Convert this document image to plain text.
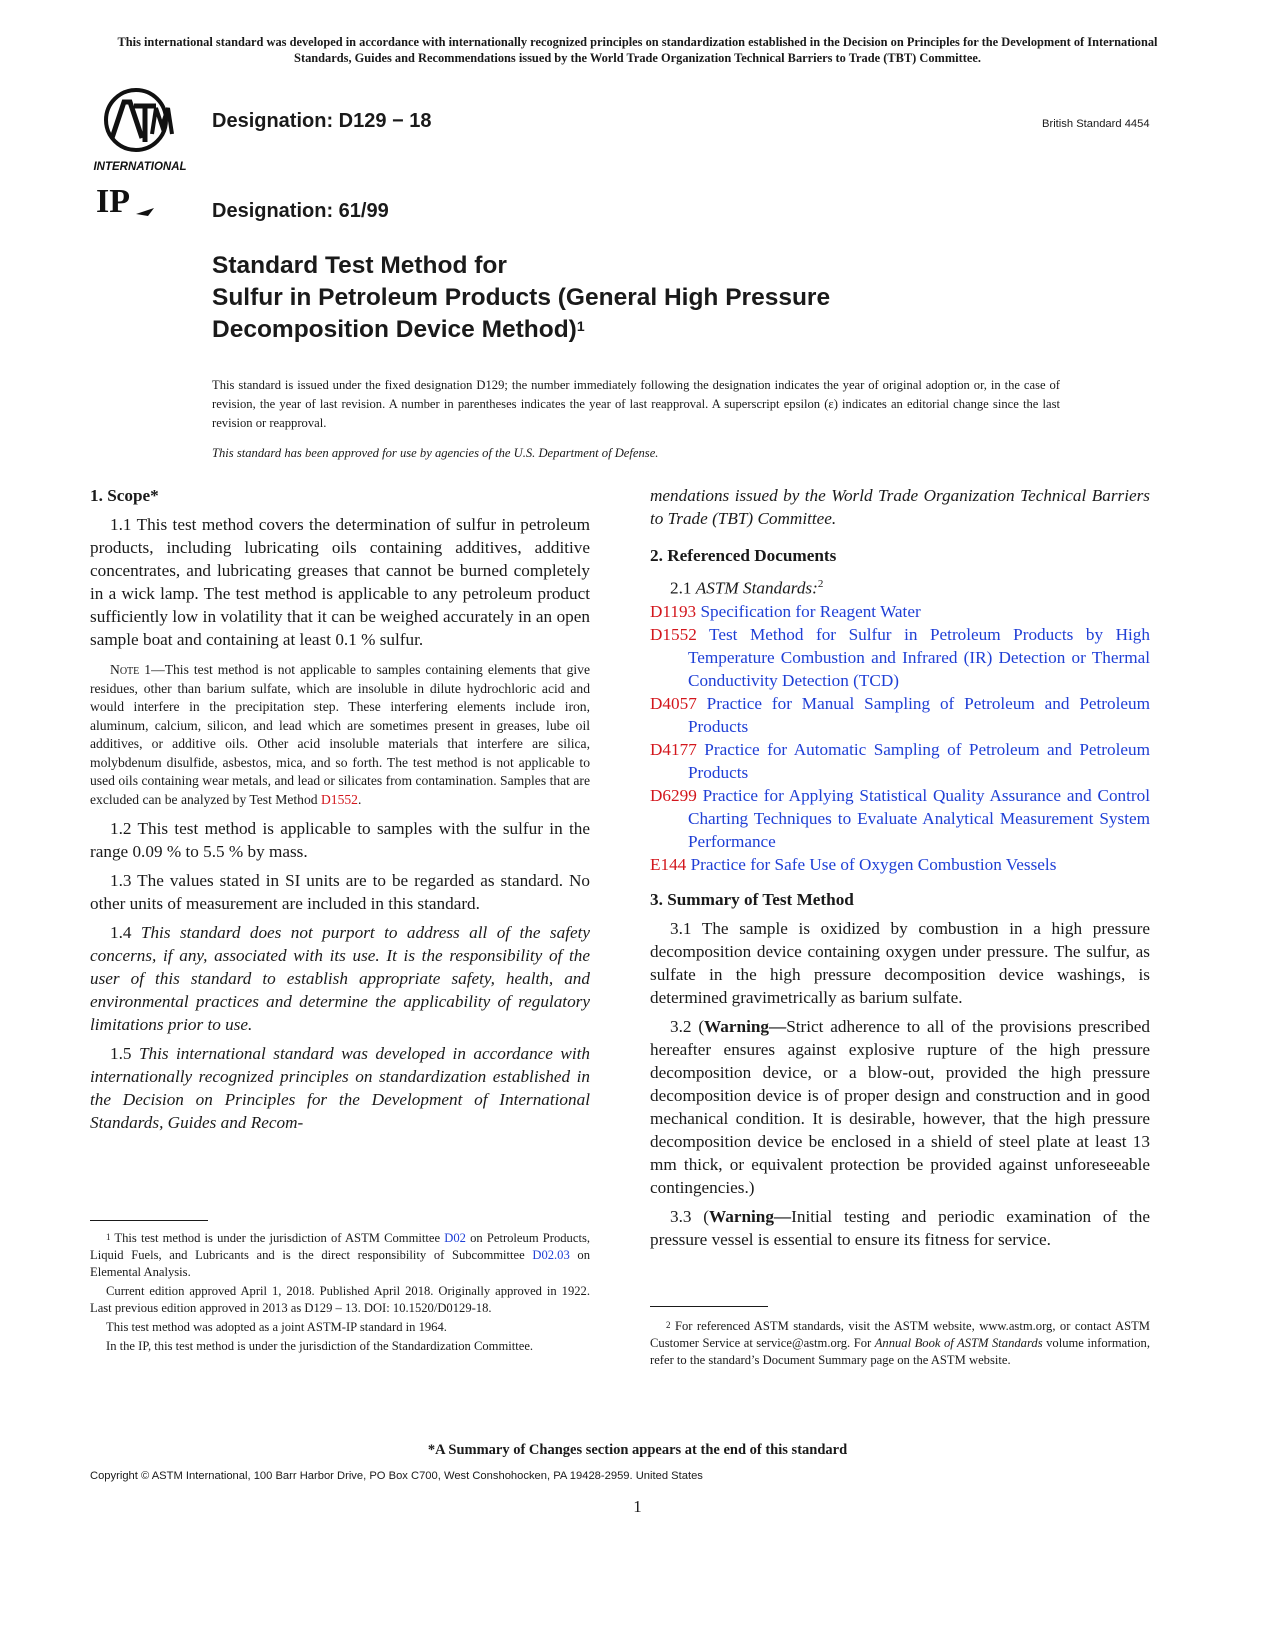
This international standard was developed in accordance with internationally recognized principles on standardization established in the Decision on Principles for the Development of International Standards, Guides and Recommendations issued by the World Trade Organization Technical Barriers to Trade (TBT) Committee.
INTERNATIONAL
IP
Designation: D129 − 18	British Standard 4454
Designation: 61/99
Standard Test Method for
Sulfur in Petroleum Products (General High Pressure
Decomposition Device Method)$^1$
This standard is issued under the fixed designation D129; the number immediately following the designation indicates the year of original adoption or, in the case of revision, the year of last revision. A number in parentheses indicates the year of last reapproval. A superscript epsilon (ε) indicates an editorial change since the last revision or reapproval.
This standard has been approved for use by agencies of the U.S. Department of Defense.
1. Scope*

1.1 This test method covers the determination of sulfur in petroleum products, including lubricating oils containing additives, additive concentrates, and lubricating greases that cannot be burned completely in a wick lamp. The test method is applicable to any petroleum product sufficiently low in volatility that it can be weighed accurately in an open sample boat and containing at least 0.1 % sulfur.

Note 1—This test method is not applicable to samples containing elements that give residues, other than barium sulfate, which are insoluble in dilute hydrochloric acid and would interfere in the precipitation step. These interfering elements include iron, aluminum, calcium, silicon, and lead which are sometimes present in greases, lube oil additives, or additive oils. Other acid insoluble materials that interfere are silica, molybdenum disulfide, asbestos, mica, and so forth. The test method is not applicable to used oils containing wear metals, and lead or silicates from contamination. Samples that are excluded can be analyzed by Test Method D1552.

1.2 This test method is applicable to samples with the sulfur in the range 0.09 % to 5.5 % by mass.

1.3 The values stated in SI units are to be regarded as standard. No other units of measurement are included in this standard.

1.4 This standard does not purport to address all of the safety concerns, if any, associated with its use. It is the responsibility of the user of this standard to establish appropriate safety, health, and environmental practices and determine the applicability of regulatory limitations prior to use.

1.5 This international standard was developed in accordance with internationally recognized principles on standardization established in the Decision on Principles for the Development of International Standards, Guides and Recom-

mendations issued by the World Trade Organization Technical Barriers to Trade (TBT) Committee.

2. Referenced Documents

2.1 ASTM Standards:$^2$

D1193 Specification for Reagent Water

D1552 Test Method for Sulfur in Petroleum Products by High Temperature Combustion and Infrared (IR) Detection or Thermal Conductivity Detection (TCD)

D4057 Practice for Manual Sampling of Petroleum and Petroleum Products

D4177 Practice for Automatic Sampling of Petroleum and Petroleum Products

D6299 Practice for Applying Statistical Quality Assurance and Control Charting Techniques to Evaluate Analytical Measurement System Performance

E144 Practice for Safe Use of Oxygen Combustion Vessels

3. Summary of Test Method

3.1 The sample is oxidized by combustion in a high pressure decomposition device containing oxygen under pressure. The sulfur, as sulfate in the high pressure decomposition device washings, is determined gravimetrically as barium sulfate.

3.2 (Warning—Strict adherence to all of the provisions prescribed hereafter ensures against explosive rupture of the high pressure decomposition device, or a blow-out, provided the high pressure decomposition device is of proper design and construction and in good mechanical condition. It is desirable, however, that the high pressure decomposition device be enclosed in a shield of steel plate at least 13 mm thick, or equivalent protection be provided against unforeseeable contingencies.)

3.3 (Warning—Initial testing and periodic examination of the pressure vessel is essential to ensure its fitness for service.

$^1$ This test method is under the jurisdiction of ASTM Committee D02 on Petroleum Products, Liquid Fuels, and Lubricants and is the direct responsibility of Subcommittee D02.03 on Elemental Analysis.

Current edition approved April 1, 2018. Published April 2018. Originally approved in 1922. Last previous edition approved in 2013 as D129 – 13. DOI: 10.1520/D0129-18.

This test method was adopted as a joint ASTM-IP standard in 1964.

In the IP, this test method is under the jurisdiction of the Standardization Committee.

$^2$ For referenced ASTM standards, visit the ASTM website, www.astm.org, or contact ASTM Customer Service at service@astm.org. For Annual Book of ASTM Standards volume information, refer to the standard’s Document Summary page on the ASTM website.

*A Summary of Changes section appears at the end of this standard
Copyright © ASTM International, 100 Barr Harbor Drive, PO Box C700, West Conshohocken, PA 19428-2959. United States
1
